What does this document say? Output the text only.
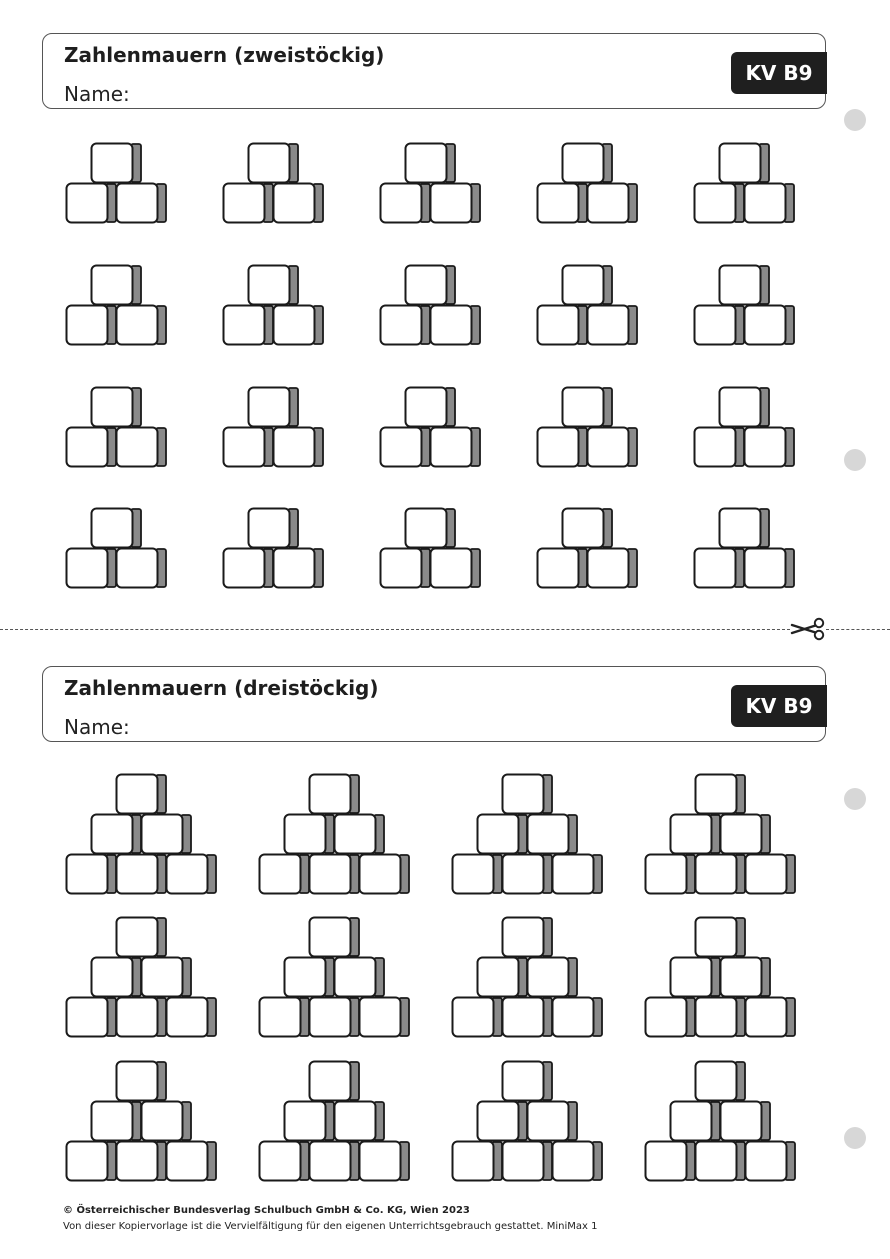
Zahlenmauern (zweistöckig)
Name:
KV B9
Zahlenmauern (dreistöckig)
Name:
KV B9
© Österreichischer Bundesverlag Schulbuch GmbH & Co. KG, Wien 2023
Von dieser Kopiervorlage ist die Vervielfältigung für den eigenen Unterrichtsgebrauch gestattet. MiniMax 1
